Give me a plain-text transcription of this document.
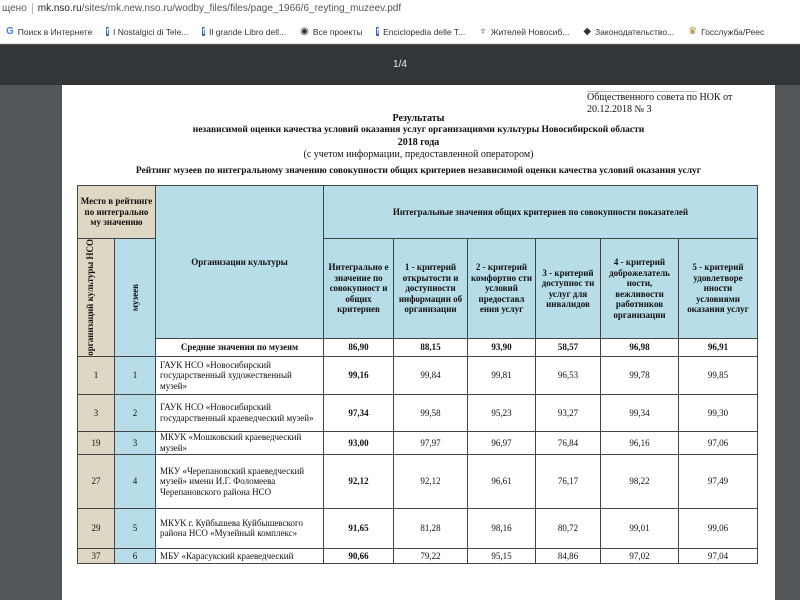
щено mk.nso.ru/sites/mk.new.nso.ru/wodby_files/files/page_1966/6_reyting_muzeev.pdf
G Поиск в Интернете f I Nostalgici di Tele... f Il grande Libro dell... ◉ Все проекты f Enciclopedia delle T... ♆ Жителей Новосиб... ◆ Законодательство... ♛ Госслужба/Реес
1/4
______________________
Общественного совета по НОК от
20.12.2018 № 3
Результаты
независимой оценки качества условий оказания услуг организациями культуры Новосибирской области
2018 года
(с учетом информации, предоставленной оператором)
Рейтинг музеев по интегральному значению совокупности общих критериев независимой оценки качества условий оказания услуг
Место в рейтинге по интегрально му значению		Организации культуры	Интегральные значения общих критериев по совокупности показателей					

организаций культуры НСО	музеев		Интегрально е значение по совокупност и общих критериев	1 - критерий открытости и доступности информации об организации	2 - критерий комфортно сти условий предоставл ения услуг	3 - критерий доступнос ти услуг для инвалидов	4 - критерий доброжелатель ности, вежливости работников организации	5 - критерий удовлетворе нности условиями оказания услуг
		Средние значения по музеям	86,90	88,15	93,90	58,57	96,98	96,91
1	1	ГАУК НСО «Новосибирский государственный художественный музей»	99,16	99,84	99,81	96,53	99,78	99,85
3	2	ГАУК НСО «Новосибирский государственный краеведческий музей»	97,34	99,58	95,23	93,27	99,34	99,30
19	3	МКУК «Мошковский краеведческий музей»	93,00	97,97	96,97	76,84	96,16	97,06
27	4	МКУ «Черепановский краеведческий музей» имени И.Г. Фоломеева Черепановского района НСО	92,12	92,12	96,61	76,17	98,22	97,49
29	5	МКУК г. Куйбышева Куйбышевского района НСО «Музейный комплекс»	91,65	81,28	98,16	80,72	99,01	99,06
37	6	МБУ «Карасукский краеведческий	90,66	79,22	95,15	84,86	97,02	97,04
